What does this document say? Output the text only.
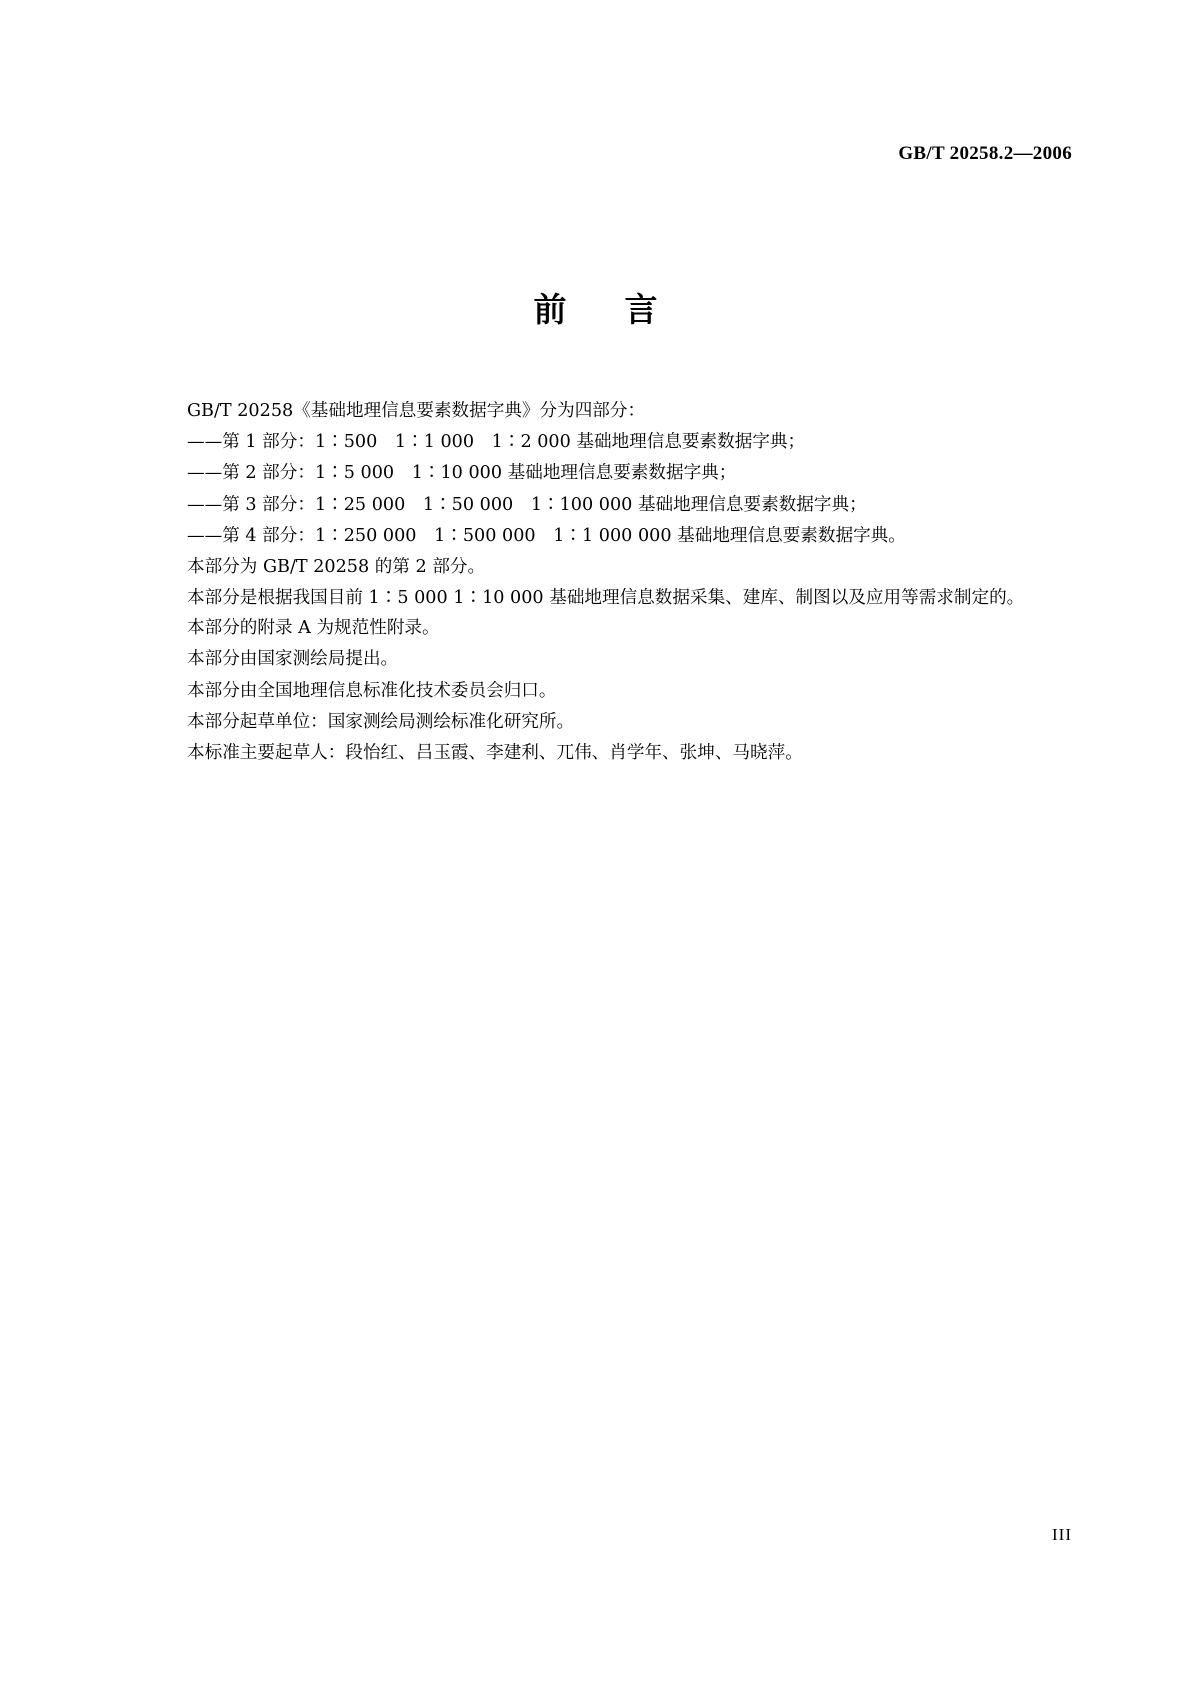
GB/T 20258.2—2006
前言

GB/T 20258《基础地理信息要素数据字典》分为四部分：

——第 1 部分：1∶500　1∶1 000　1∶2 000 基础地理信息要素数据字典；

——第 2 部分：1∶5 000　1∶10 000 基础地理信息要素数据字典；

——第 3 部分：1∶25 000　1∶50 000　1∶100 000 基础地理信息要素数据字典；

——第 4 部分：1∶250 000　1∶500 000　1∶1 000 000 基础地理信息要素数据字典。

本部分为 GB/T 20258 的第 2 部分。

本部分是根据我国目前 1∶5 000 1∶10 000 基础地理信息数据采集、建库、制图以及应用等需求制定的。

本部分的附录 A 为规范性附录。

本部分由国家测绘局提出。

本部分由全国地理信息标准化技术委员会归口。

本部分起草单位：国家测绘局测绘标准化研究所。

本标准主要起草人：段怡红、吕玉霞、李建利、兀伟、肖学年、张坤、马晓萍。

III
